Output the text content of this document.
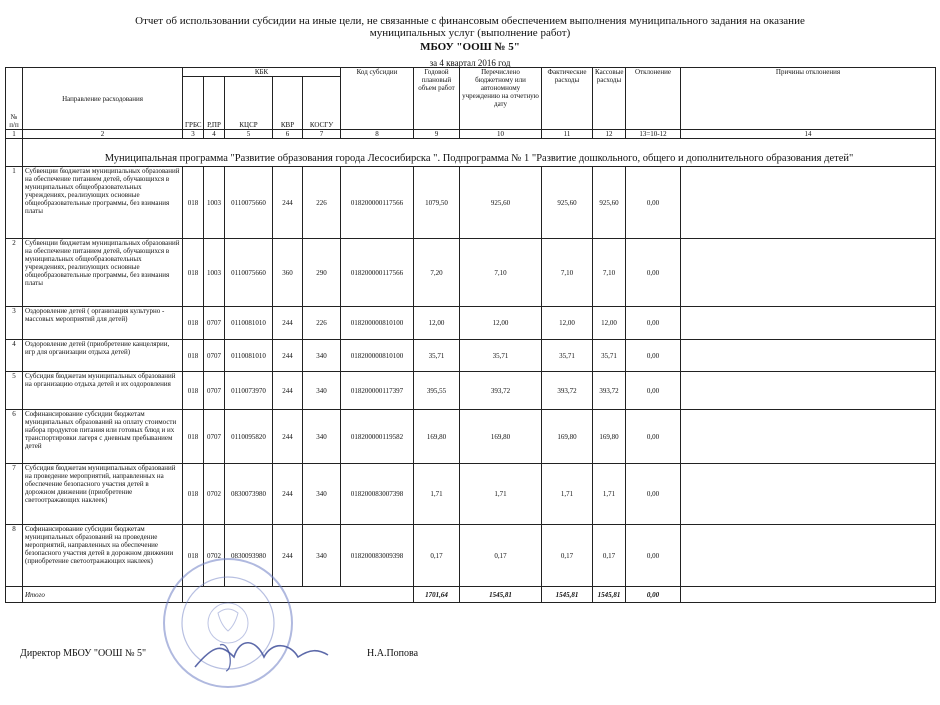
Отчет об использовании субсидии на иные цели, не связанные с финансовым обеспечением выполнения муниципального задания на оказание
муниципальных услуг (выполнение работ)
МБОУ "ООШ № 5"
за 4 квартал 2016 год
№ п/п	Направление расходования	КБК					Код субсидии	Годовой плановый объем работ	Перечислено бюджетному или автономному учреждению на отчетную дату	Фактические расходы	Кассовые расходы	Отклонение	Причины отклонения
		ГРБС	Р,ПР	КЦСР	КВР	КОСГУ							
1	2	3	4	5	6	7	8	9	10	11	12	13=10-12	14
	Муниципальная программа "Развитие образования города Лесосибирска ". Подпрограмма № 1 "Развитие дошкольного, общего и дополнительного образования детей"												
1	Субвенции бюджетам муниципальных образований на обеспечение питанием детей, обучающихся в муниципальных общеобразовательных учреждениях, реализующих основные общеобразовательные программы, без взимания платы	018	1003	0110075660	244	226	018200000117566	1079,50	925,60	925,60	925,60	0,00	
2	Субвенции бюджетам муниципальных образований на обеспечение питанием детей, обучающихся в муниципальных общеобразовательных учреждениях, реализующих основные общеобразовательные программы, без взимания платы	018	1003	0110075660	360	290	018200000117566	7,20	7,10	7,10	7,10	0,00	
3	Оздоровление детей ( организация культурно - массовых мероприятий для детей)	018	0707	0110081010	244	226	018200000810100	12,00	12,00	12,00	12,00	0,00	
4	Оздоровление детей (приобретение канцелярии, игр для организации отдыха детей)	018	0707	0110081010	244	340	018200000810100	35,71	35,71	35,71	35,71	0,00	
5	Субсидия бюджетам муниципальных образований на организацию отдыха детей и их оздоровления	018	0707	0110073970	244	340	018200000117397	395,55	393,72	393,72	393,72	0,00	
6	Софинансирование субсидии бюджетам муниципальных образований на оплату стоимости набора продуктов питания или готовых блюд и их транспортировки лагеря с дневным пребыванием детей	018	0707	0110095820	244	340	018200000119582	169,80	169,80	169,80	169,80	0,00	
7	Субсидия бюджетам муниципальных образований на проведение мероприятий, направленных на обеспечение безопасного участия детей в дорожном движении (приобретение светоотражающих наклеек)	018	0702	0830073980	244	340	018200083007398	1,71	1,71	1,71	1,71	0,00	
8	Софинансирование субсидии бюджетам муниципальных образований на проведение мероприятий, направленных на обеспечение безопасного участия детей в дорожном движении (приобретение светоотражающих наклеек)	018	0702	0830093980	244	340	018200083009398	0,17	0,17	0,17	0,17	0,00	
	Итого							1701,64	1545,81	1545,81	1545,81	0,00	
Директор МБОУ "ООШ № 5"	Н.А.Попова
